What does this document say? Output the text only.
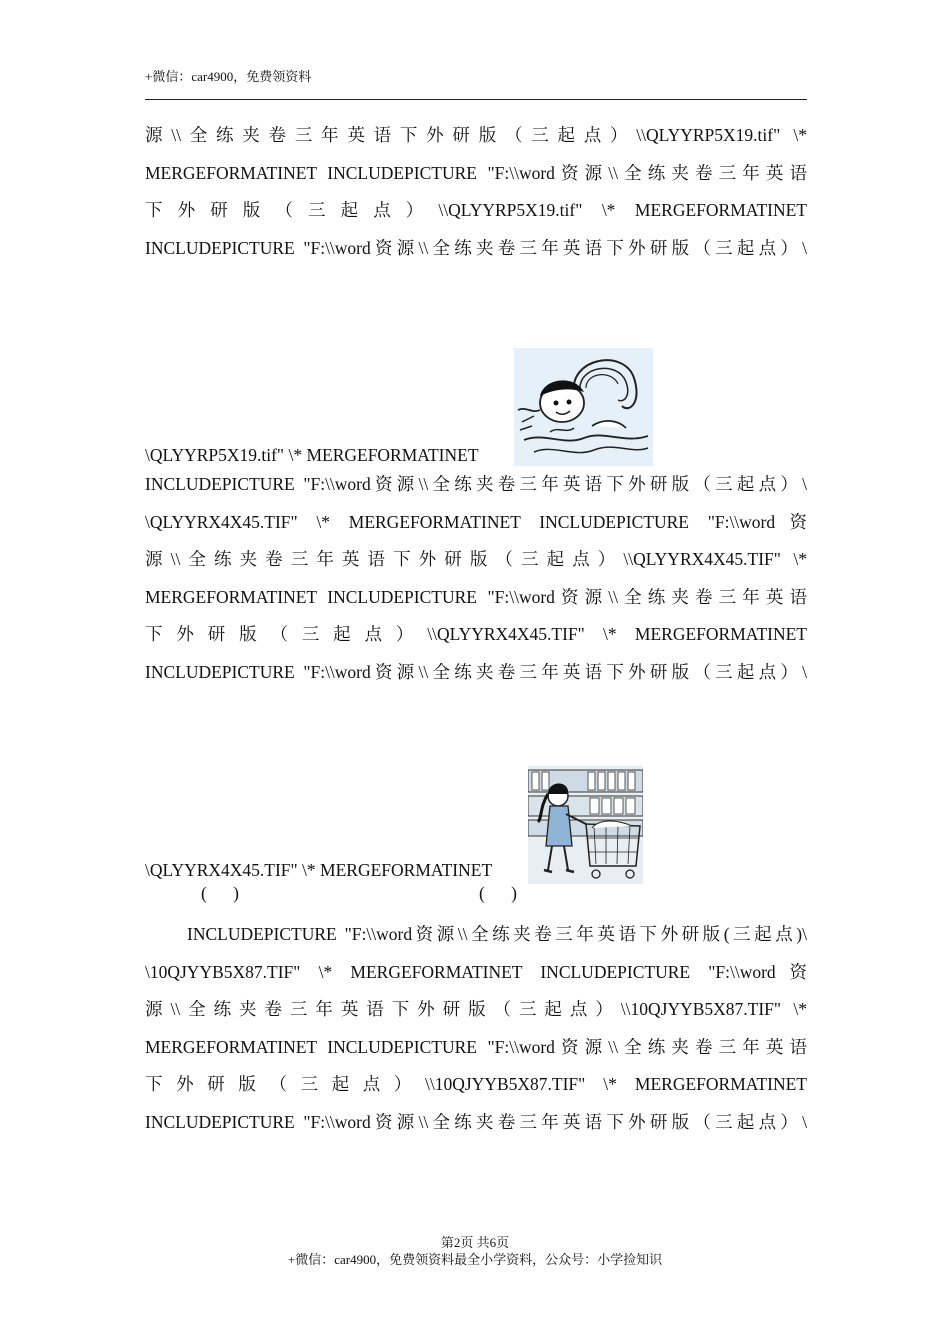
+微信：car4900，免费领资料
源\\全练夹卷三年英语下外研版（三起点）\\QLYYRP5X19.tif" \*
MERGEFORMATINET INCLUDEPICTURE "F:\\word资源\\全练夹卷三年英语
下外研版（三起点）\\QLYYRP5X19.tif" \* MERGEFORMATINET
INCLUDEPICTURE "F:\\word资源\\全练夹卷三年英语下外研版（三起点）\
\QLYYRP5X19.tif" \* MERGEFORMATINET
INCLUDEPICTURE "F:\\word资源\\全练夹卷三年英语下外研版（三起点）\
\QLYYRX4X45.TIF" \* MERGEFORMATINET INCLUDEPICTURE "F:\\word资
源\\全练夹卷三年英语下外研版（三起点）\\QLYYRX4X45.TIF" \*
MERGEFORMATINET INCLUDEPICTURE "F:\\word资源\\全练夹卷三年英语
下外研版（三起点）\\QLYYRX4X45.TIF" \* MERGEFORMATINET
INCLUDEPICTURE "F:\\word资源\\全练夹卷三年英语下外研版（三起点）\
\QLYYRX4X45.TIF" \* MERGEFORMATINET
(      )	(      )
INCLUDEPICTURE "F:\\word资源\\全练夹卷三年英语下外研版(三起点)\
\10QJYYB5X87.TIF" \* MERGEFORMATINET INCLUDEPICTURE "F:\\word资
源\\全练夹卷三年英语下外研版（三起点）\\10QJYYB5X87.TIF" \*
MERGEFORMATINET INCLUDEPICTURE "F:\\word资源\\全练夹卷三年英语
下外研版（三起点）\\10QJYYB5X87.TIF" \* MERGEFORMATINET
INCLUDEPICTURE "F:\\word资源\\全练夹卷三年英语下外研版（三起点）\
第2页 共6页
+微信：car4900，免费领资料最全小学资料，公众号：小学捡知识
